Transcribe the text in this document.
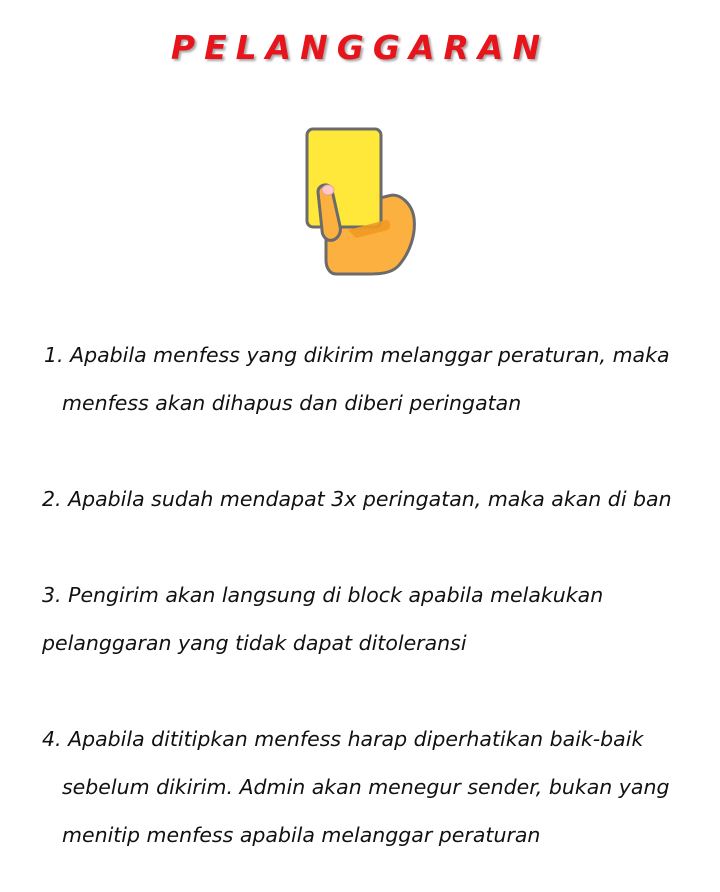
PELANGGARAN
1. Apabila menfess yang dikirim melanggar peraturan, maka
menfess akan dihapus dan diberi peringatan
2. Apabila sudah mendapat 3x peringatan, maka akan di ban
3. Pengirim akan langsung di block apabila melakukan
pelanggaran yang tidak dapat ditoleransi
4. Apabila dititipkan menfess harap diperhatikan baik-baik
sebelum dikirim. Admin akan menegur sender, bukan yang
menitip menfess apabila melanggar peraturan
